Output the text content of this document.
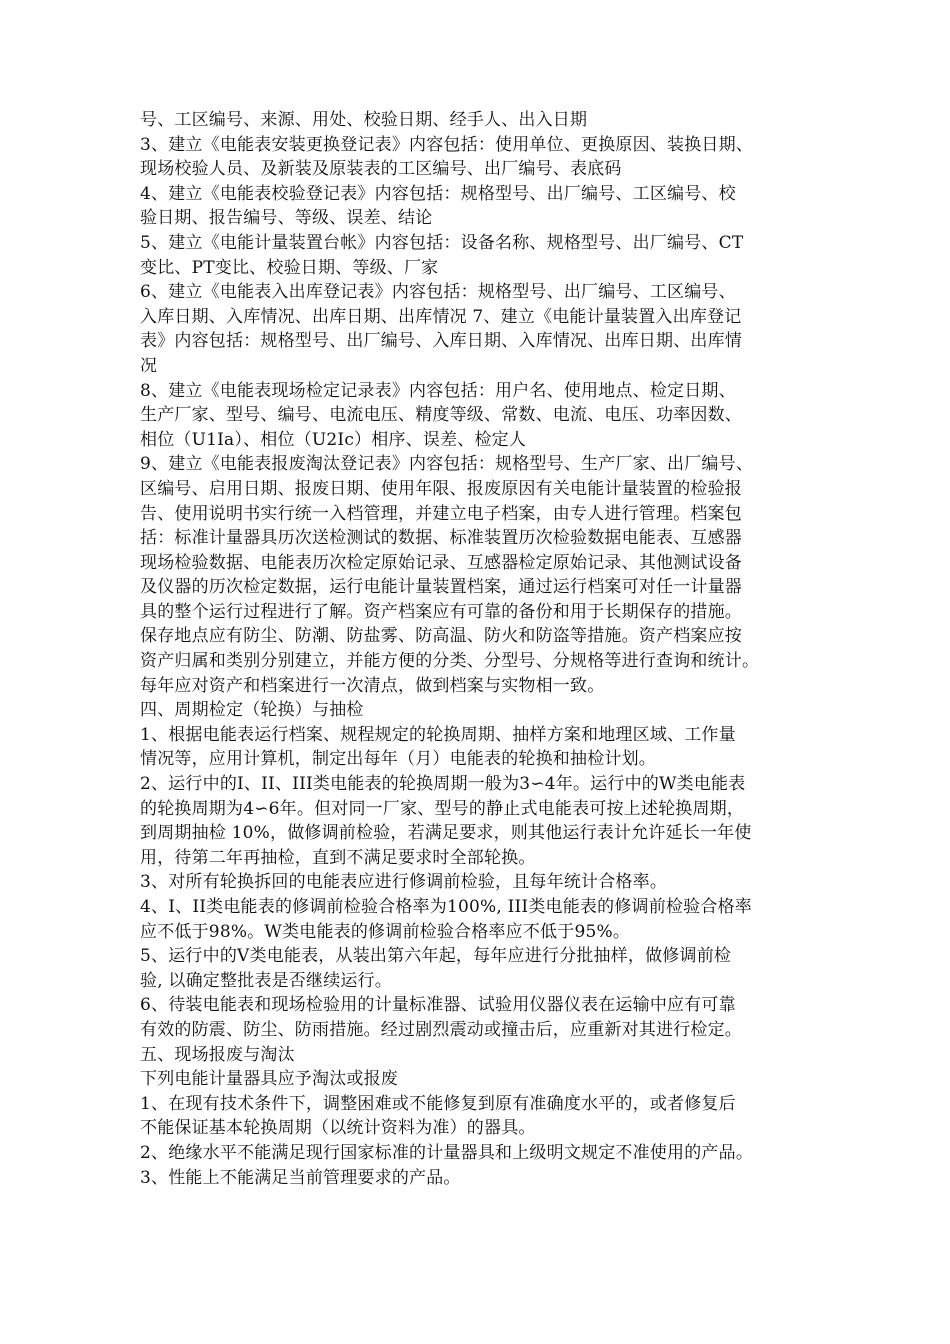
号、工区编号、来源、用处、校验日期、经手人、出入日期
3、建立《电能表安装更换登记表》内容包括：使用单位、更换原因、装换日期、
现场校验人员、及新装及原装表的工区编号、出厂编号、表底码
4、建立《电能表校验登记表》内容包括：规格型号、出厂编号、工区编号、校
验日期、报告编号、等级、误差、结论
5、建立《电能计量装置台帐》内容包括：设备名称、规格型号、出厂编号、CT
变比、PT变比、校验日期、等级、厂家
6、建立《电能表入出库登记表》内容包括：规格型号、出厂编号、工区编号、
入库日期、入库情况、出库日期、出库情况 7、建立《电能计量装置入出库登记
表》内容包括：规格型号、出厂编号、入库日期、入库情况、出库日期、出库情
况
8、建立《电能表现场检定记录表》内容包括：用户名、使用地点、检定日期、
生产厂家、型号、编号、电流电压、精度等级、常数、电流、电压、功率因数、
相位（U1Ia）、相位（U2Ic）相序、误差、检定人
9、建立《电能表报废淘汰登记表》内容包括：规格型号、生产厂家、出厂编号、
区编号、启用日期、报废日期、使用年限、报废原因有关电能计量装置的检验报
告、使用说明书实行统一入档管理，并建立电子档案，由专人进行管理。档案包
括：标准计量器具历次送检测试的数据、标准装置历次检验数据电能表、互感器
现场检验数据、电能表历次检定原始记录、互感器检定原始记录、其他测试设备
及仪器的历次检定数据，运行电能计量装置档案，通过运行档案可对任一计量器
具的整个运行过程进行了解。资产档案应有可靠的备份和用于长期保存的措施。
保存地点应有防尘、防潮、防盐雾、防高温、防火和防盗等措施。资产档案应按
资产归属和类别分别建立，并能方便的分类、分型号、分规格等进行查询和统计。
每年应对资产和档案进行一次清点，做到档案与实物相一致。
四、周期检定（轮换）与抽检
1、根据电能表运行档案、规程规定的轮换周期、抽样方案和地理区域、工作量
情况等，应用计算机，制定出每年（月）电能表的轮换和抽检计划。
2、运行中的I、II、III类电能表的轮换周期一般为3∽4年。运行中的W类电能表
的轮换周期为4∽6年。但对同一厂家、型号的静止式电能表可按上述轮换周期，
到周期抽检 10%，做修调前检验，若满足要求，则其他运行表计允许延长一年使
用，待第二年再抽检，直到不满足要求时全部轮换。
3、对所有轮换拆回的电能表应进行修调前检验，且每年统计合格率。
4、I、II类电能表的修调前检验合格率为100%, III类电能表的修调前检验合格率
应不低于98%。W类电能表的修调前检验合格率应不低于95%。
5、运行中的V类电能表，从装出第六年起，每年应进行分批抽样，做修调前检
验, 以确定整批表是否继续运行。
6、待装电能表和现场检验用的计量标准器、试验用仪器仪表在运输中应有可靠
有效的防震、防尘、防雨措施。经过剧烈震动或撞击后，应重新对其进行检定。
五、现场报废与淘汰
下列电能计量器具应予淘汰或报废
1、在现有技术条件下，调整困难或不能修复到原有准确度水平的，或者修复后
不能保证基本轮换周期（以统计资料为准）的器具。
2、绝缘水平不能满足现行国家标准的计量器具和上级明文规定不准使用的产品。
3、性能上不能满足当前管理要求的产品。
